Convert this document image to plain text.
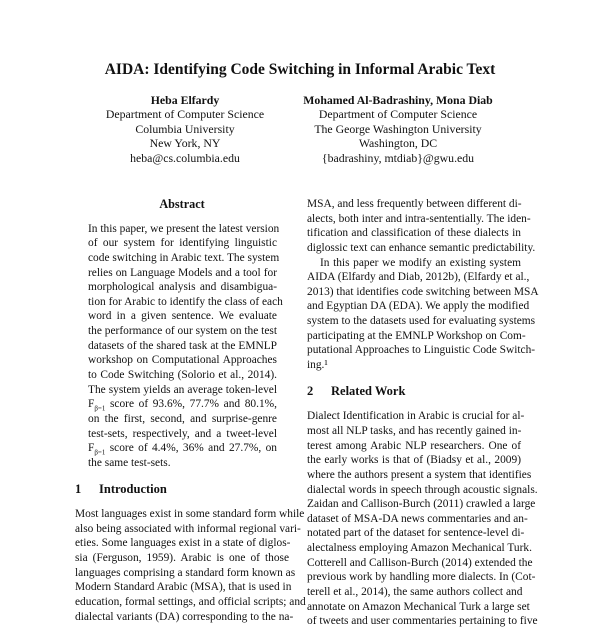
AIDA: Identifying Code Switching in Informal Arabic Text
Heba Elfardy
Department of Computer Science
Columbia University
New York, NY
heba@cs.columbia.edu
Mohamed Al-Badrashiny, Mona Diab
Department of Computer Science
The George Washington University
Washington, DC
{badrashiny, mtdiab}@gwu.edu
Abstract
In this paper, we present the latest version
of our system for identifying linguistic
code switching in Arabic text. The system
relies on Language Models and a tool for
morphological analysis and disambigua-
tion for Arabic to identify the class of each
word in a given sentence. We evaluate
the performance of our system on the test
datasets of the shared task at the EMNLP
workshop on Computational Approaches
to Code Switching (Solorio et al., 2014).
The system yields an average token-level
$F_{\beta=1}$ score of 93.6%, 77.7% and 80.1%,
on the first, second, and surprise-genre
test-sets, respectively, and a tweet-level
$F_{\beta=1}$ score of 4.4%, 36% and 27.7%, on
the same test-sets.
1 Introduction
Most languages exist in some standard form while
also being associated with informal regional vari-
eties. Some languages exist in a state of diglos-
sia (Ferguson, 1959). Arabic is one of those
languages comprising a standard form known as
Modern Standard Arabic (MSA), that is used in
education, formal settings, and official scripts; and
dialectal variants (DA) corresponding to the na-
MSA, and less frequently between different di-
alects, both inter and intra-sententially. The iden-
tification and classification of these dialects in
diglossic text can enhance semantic predictability.
In this paper we modify an existing system
AIDA (Elfardy and Diab, 2012b), (Elfardy et al.,
2013) that identifies code switching between MSA
and Egyptian DA (EDA). We apply the modified
system to the datasets used for evaluating systems
participating at the EMNLP Workshop on Com-
putational Approaches to Linguistic Code Switch-
ing.¹
2 Related Work
Dialect Identification in Arabic is crucial for al-
most all NLP tasks, and has recently gained in-
terest among Arabic NLP researchers. One of
the early works is that of (Biadsy et al., 2009)
where the authors present a system that identifies
dialectal words in speech through acoustic signals.
Zaidan and Callison-Burch (2011) crawled a large
dataset of MSA-DA news commentaries and an-
notated part of the dataset for sentence-level di-
alectalness employing Amazon Mechanical Turk.
Cotterell and Callison-Burch (2014) extended the
previous work by handling more dialects. In (Cot-
terell et al., 2014), the same authors collect and
annotate on Amazon Mechanical Turk a large set
of tweets and user commentaries pertaining to five
